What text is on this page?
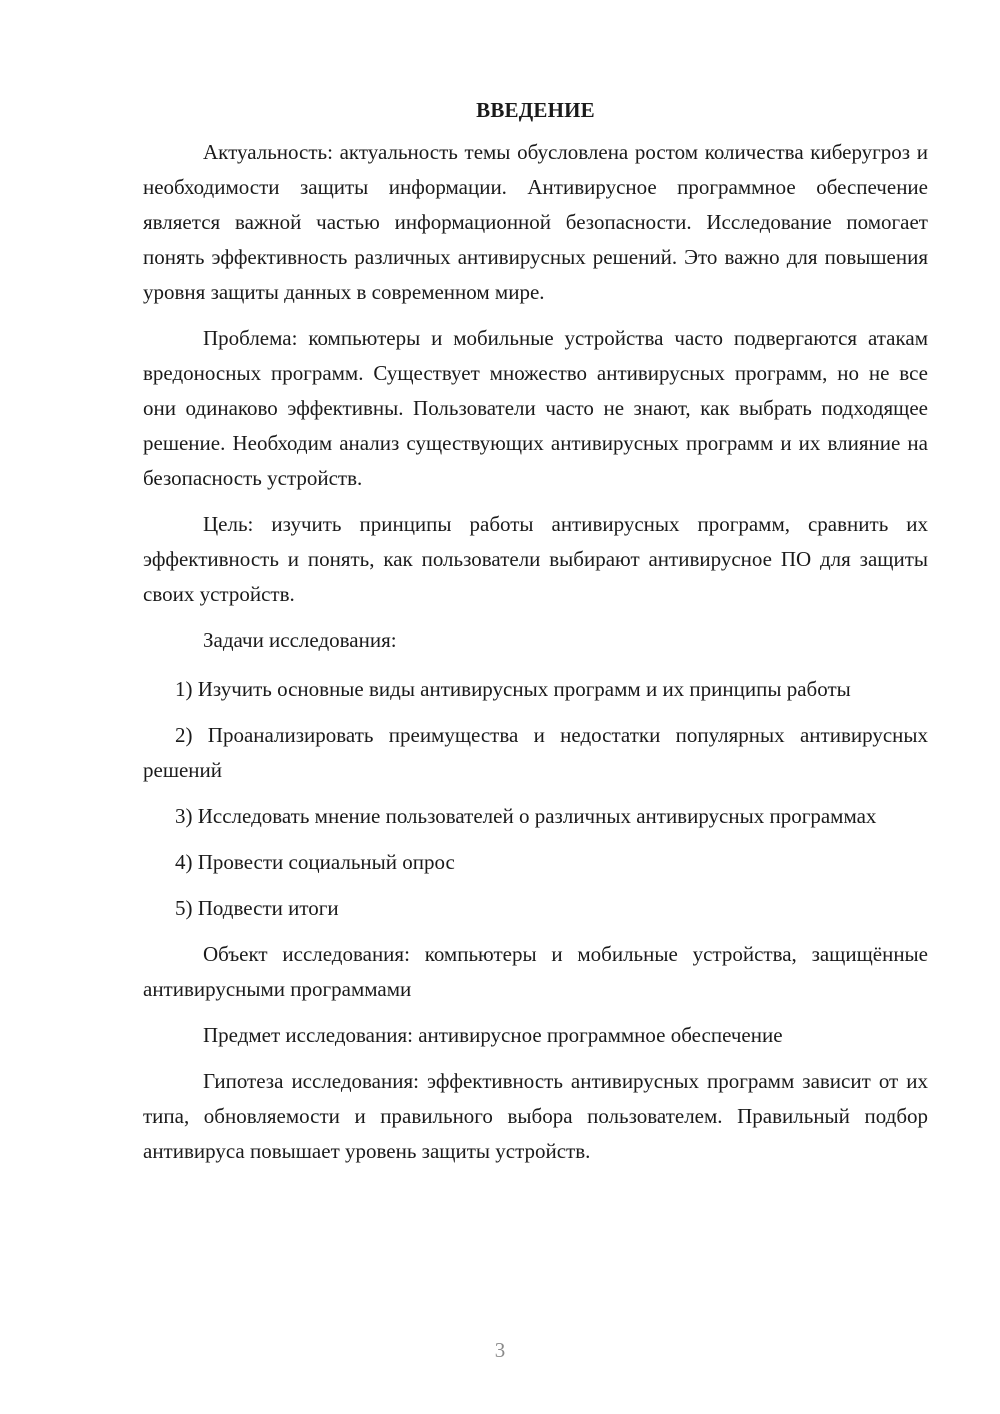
ВВЕДЕНИЕ

Актуальность: актуальность темы обусловлена ростом количества киберугроз и необходимости защиты информации. Антивирусное программное обеспечение является важной частью информационной безопасности. Исследование помогает понять эффективность различных антивирусных решений. Это важно для повышения уровня защиты данных в современном мире.

Проблема: компьютеры и мобильные устройства часто подвергаются атакам вредоносных программ. Существует множество антивирусных программ, но не все они одинаково эффективны. Пользователи часто не знают, как выбрать подходящее решение. Необходим анализ существующих антивирусных программ и их влияние на безопасность устройств.

Цель: изучить принципы работы антивирусных программ, сравнить их эффективность и понять, как пользователи выбирают антивирусное ПО для защиты своих устройств.

Задачи исследования:

1) Изучить основные виды антивирусных программ и их принципы работы

2) Проанализировать преимущества и недостатки популярных антивирусных решений

3) Исследовать мнение пользователей о различных антивирусных программах

4) Провести социальный опрос

5) Подвести итоги

Объект исследования: компьютеры и мобильные устройства, защищённые антивирусными программами

Предмет исследования: антивирусное программное обеспечение

Гипотеза исследования: эффективность антивирусных программ зависит от их типа, обновляемости и правильного выбора пользователем. Правильный подбор антивируса повышает уровень защиты устройств.

3
